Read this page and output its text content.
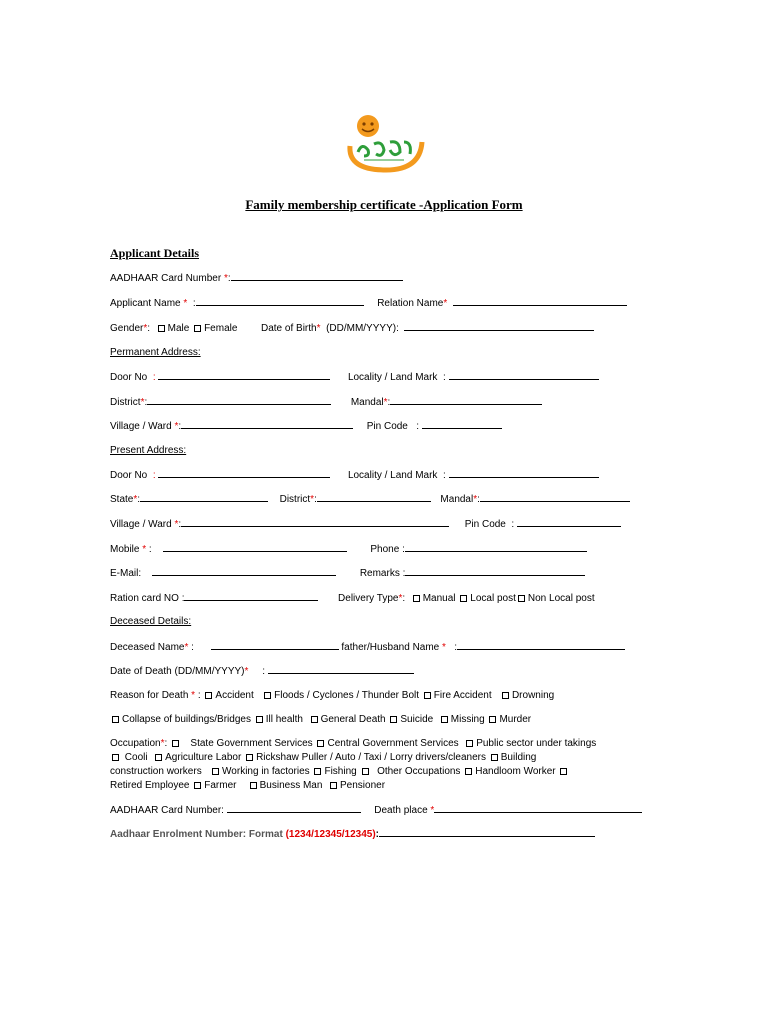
Family membership certificate -Application Form
Applicant Details
AADHAAR Card Number *:
Applicant Name *  :	Relation Name*
Gender*:  Male Female Date of Birth* (DD/MM/YYYY):
Permanent Address:
Door No :	Locality / Land Mark  :
District*:	Mandal*:
Village / Ward *:	Pin Code   :
Present Address:
Door No :	Locality / Land Mark  :
State*:	District*:	Mandal*:
Village / Ward *:	Pin Code  :
Mobile * :	Phone :
E-Mail:	Remarks :
Ration card NO :	Delivery Type*:  Manual Local post Non Local post
Deceased Details:
Deceased Name* :	father/Husband Name *   :
Date of Death (DD/MM/YYYY)*     :
Reason for Death * : Accident Floods / Cyclones / Thunder Bolt Fire Accident Drowning
Collapse of buildings/Bridges Ill health General Death Suicide Missing Murder
Occupation*:    State Government Services Central Government Services Public sector under takings
Cooli Agriculture Labor Rickshaw Puller / Auto / Taxi / Lorry drivers/cleaners Building
construction workers Working in factories Fishing Other Occupations Handloom Worker
Retired Employee Farmer Business Man Pensioner
AADHAAR Card Number:	Death place *
Aadhaar Enrolment Number: Format (1234/12345/12345):
